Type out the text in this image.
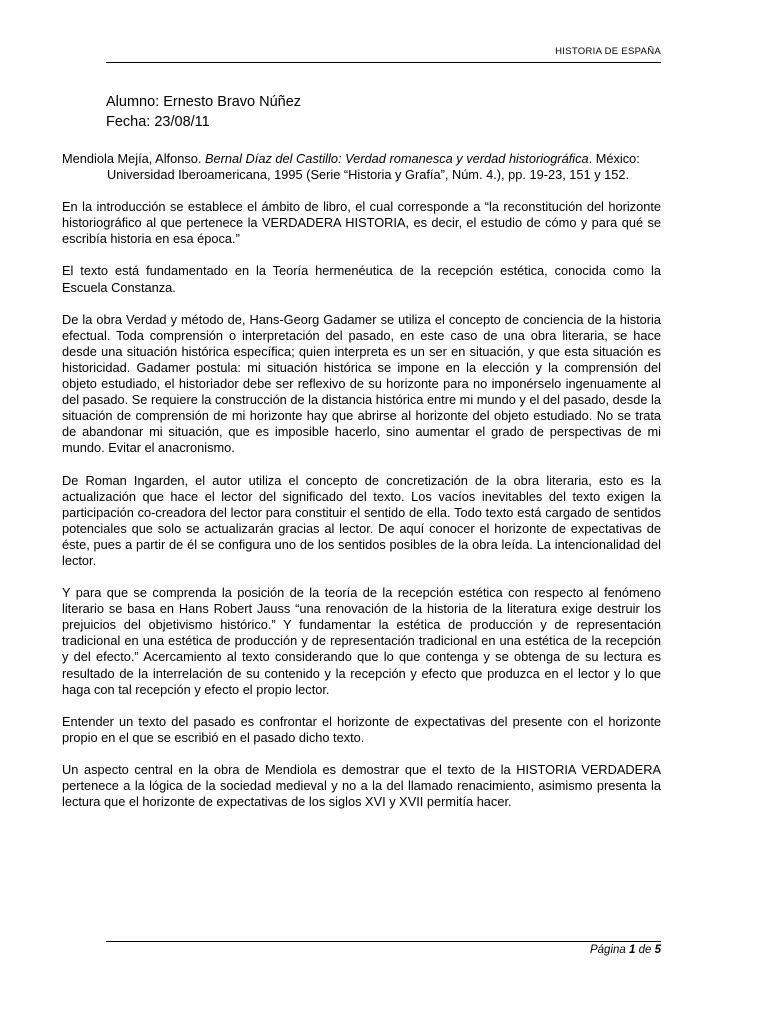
HISTORIA DE ESPAÑA
Alumno: Ernesto Bravo Núñez
Fecha: 23/08/11

Mendiola Mejía, Alfonso. Bernal Díaz del Castillo: Verdad romanesca y verdad historiográfica. México: Universidad Iberoamericana, 1995 (Serie “Historia y Grafía”, Núm. 4.), pp. 19-23, 151 y 152.

En la introducción se establece el ámbito de libro, el cual corresponde a “la reconstitución del horizonte historiográfico al que pertenece la VERDADERA HISTORIA, es decir, el estudio de cómo y para qué se escribía historia en esa época.”

El texto está fundamentado en la Teoría hermenéutica de la recepción estética, conocida como la Escuela Constanza.

De la obra Verdad y método de, Hans-Georg Gadamer se utiliza el concepto de conciencia de la historia efectual. Toda comprensión o interpretación del pasado, en este caso de una obra literaria, se hace desde una situación histórica específica; quien interpreta es un ser en situación, y que esta situación es historicidad. Gadamer postula: mi situación histórica se impone en la elección y la comprensión del objeto estudiado, el historiador debe ser reflexivo de su horizonte para no imponérselo ingenuamente al del pasado. Se requiere la construcción de la distancia histórica entre mi mundo y el del pasado, desde la situación de comprensión de mi horizonte hay que abrirse al horizonte del objeto estudiado. No se trata de abandonar mi situación, que es imposible hacerlo, sino aumentar el grado de perspectivas de mi mundo. Evitar el anacronismo.

De Roman Ingarden, el autor utiliza el concepto de concretización de la obra literaria, esto es la actualización que hace el lector del significado del texto. Los vacíos inevitables del texto exigen la participación co-creadora del lector para constituir el sentido de ella. Todo texto está cargado de sentidos potenciales que solo se actualizarán gracias al lector. De aquí conocer el horizonte de expectativas de éste, pues a partir de él se configura uno de los sentidos posibles de la obra leída. La intencionalidad del lector.

Y para que se comprenda la posición de la teoría de la recepción estética con respecto al fenómeno literario se basa en Hans Robert Jauss “una renovación de la historia de la literatura exige destruir los prejuicios del objetivismo histórico.” Y fundamentar la estética de producción y de representación tradicional en una estética de producción y de representación tradicional en una estética de la recepción y del efecto.” Acercamiento al texto considerando que lo que contenga y se obtenga de su lectura es resultado de la interrelación de su contenido y la recepción y efecto que produzca en el lector y lo que haga con tal recepción y efecto el propio lector.

Entender un texto del pasado es confrontar el horizonte de expectativas del presente con el horizonte propio en el que se escribió en el pasado dicho texto.

Un aspecto central en la obra de Mendiola es demostrar que el texto de la HISTORIA VERDADERA pertenece a la lógica de la sociedad medieval y no a la del llamado renacimiento, asimismo presenta la lectura que el horizonte de expectativas de los siglos XVI y XVII permitía hacer.

Página 1 de 5
